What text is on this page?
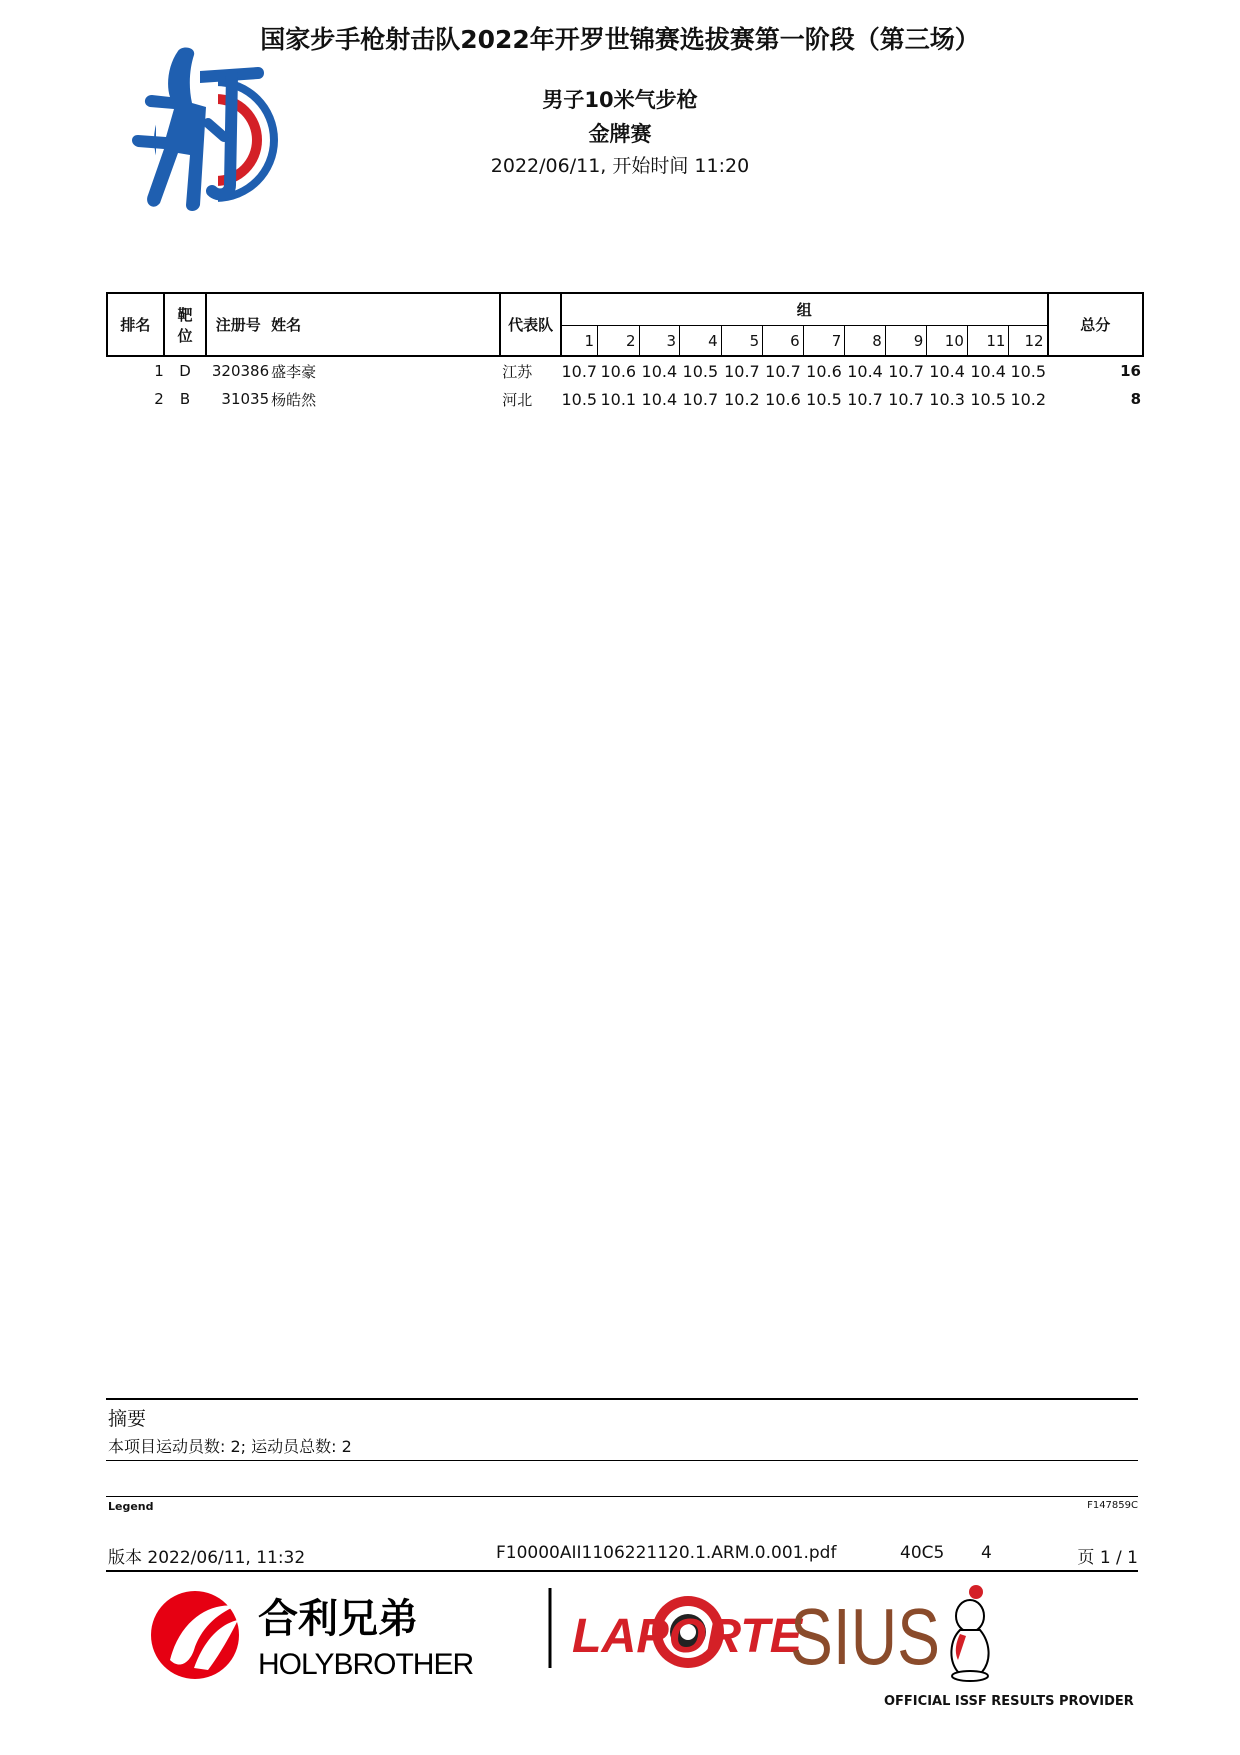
国家步手枪射击队2022年开罗世锦赛选拔赛第一阶段（第三场）
男子10米气步枪
金牌赛
2022/06/11, 开始时间 11:20
排名	靶
位	注册号	姓名	代表队	组												总分
					1	2	3	4	5	6	7	8	9	10	11	12	
1	D	320386	盛李豪	江苏	10.7	10.6	10.4	10.5	10.7	10.7	10.6	10.4	10.7	10.4	10.4	10.5	16
2	B	31035	杨皓然	河北	10.5	10.1	10.4	10.7	10.2	10.6	10.5	10.7	10.7	10.3	10.5	10.2	8
摘要
本项目运动员数: 2; 运动员总数: 2
Legend	F147859C
版本 2022/06/11, 11:32	F10000AII1106221120.1.ARM.0.001.pdf	40C5 4	页 1 / 1
合利兄弟
HOLYBROTHER
LAPORTE
SIUS
OFFICIAL ISSF RESULTS PROVIDER
